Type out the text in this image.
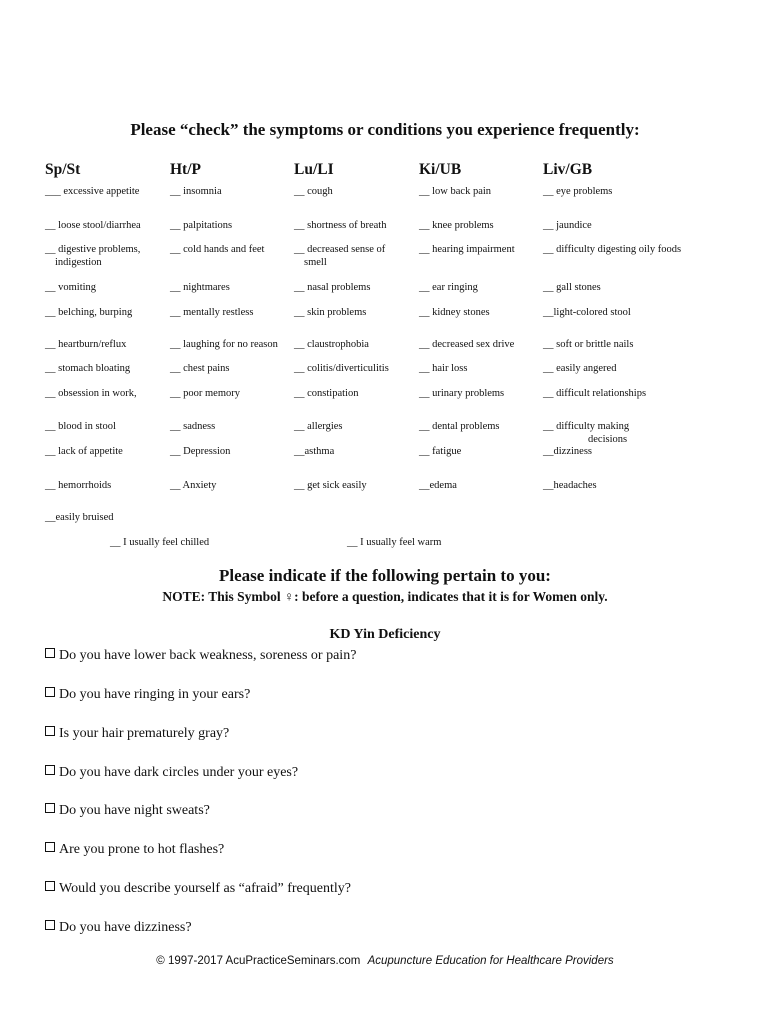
Please “check” the symptoms or conditions you experience frequently:
Sp/St
___ excessive appetite
__ loose stool/diarrhea
__ digestive problems,
indigestion
__ vomiting
__ belching, burping
__ heartburn/reflux
__ stomach bloating
__ obsession in work,
__ blood in stool
__ lack of appetite
__ hemorrhoids
Ht/P
__ insomnia
__ palpitations
__ cold hands and feet
__ nightmares
__ mentally restless
__ laughing for no reason
__ chest pains
__ poor memory
__ sadness
__ Depression
__ Anxiety
Lu/LI
__ cough
__ shortness of breath
__ decreased sense of
smell
__ nasal problems
__ skin problems
__ claustrophobia
__ colitis/diverticulitis
__ constipation
__ allergies
__asthma
__ get sick easily
Ki/UB
__ low back pain
__ knee problems
__ hearing impairment
__ ear ringing
__ kidney stones
__ decreased sex drive
__ hair loss
__ urinary problems
__ dental problems
__ fatigue
__edema
Liv/GB
__ eye problems
__ jaundice
__ difficulty digesting oily foods
__ gall stones
__light-colored stool
__ soft or brittle nails
__ easily angered
__ difficult relationships
__ difficulty making
decisions
__dizziness
__headaches
__easily bruised
__ I usually feel chilled	__ I usually feel warm
Please indicate if the following pertain to you:
NOTE: This Symbol ♀: before a question, indicates that it is for Women only.
KD Yin Deficiency
Do you have lower back weakness, soreness or pain?
Do you have ringing in your ears?
Is your hair prematurely gray?
Do you have dark circles under your eyes?
Do you have night sweats?
Are you prone to hot flashes?
Would you describe yourself as “afraid” frequently?
Do you have dizziness?
© 1997-2017 AcuPracticeSeminars.com Acupuncture Education for Healthcare Providers
